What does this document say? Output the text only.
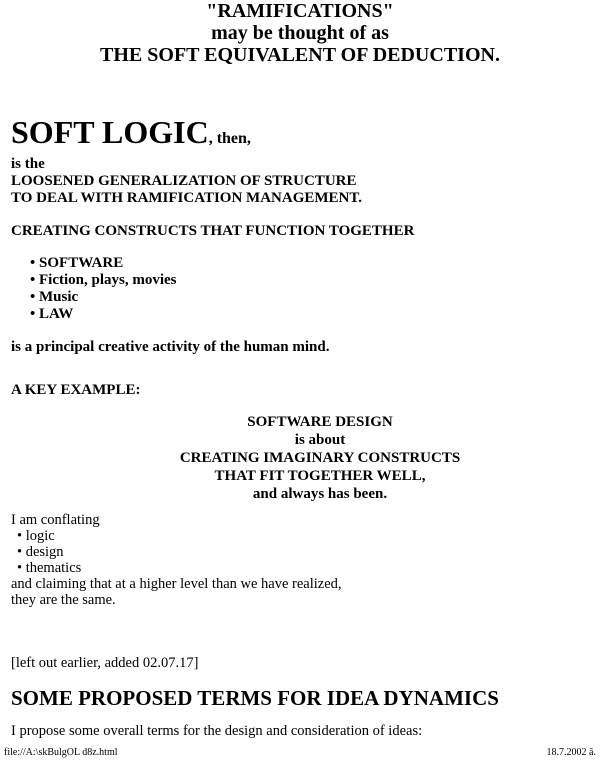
"RAMIFICATIONS"
may be thought of as
THE SOFT EQUIVALENT OF DEDUCTION.
SOFT LOGIC, then,
is the
LOOSENED GENERALIZATION OF STRUCTURE
TO DEAL WITH RAMIFICATION MANAGEMENT.
CREATING CONSTRUCTS THAT FUNCTION TOGETHER
• SOFTWARE
• Fiction, plays, movies
• Music
• LAW
is a principal creative activity of the human mind.
A KEY EXAMPLE:
SOFTWARE DESIGN
is about
CREATING IMAGINARY CONSTRUCTS
THAT FIT TOGETHER WELL,
and always has been.
I am conflating
• logic
• design
• thematics
and claiming that at a higher level than we have realized,
they are the same.
[left out earlier, added 02.07.17]
SOME PROPOSED TERMS FOR IDEA DYNAMICS
I propose some overall terms for the design and consideration of ideas:
file://A:\skBulgOL d8z.html	18.7.2002 ã.
